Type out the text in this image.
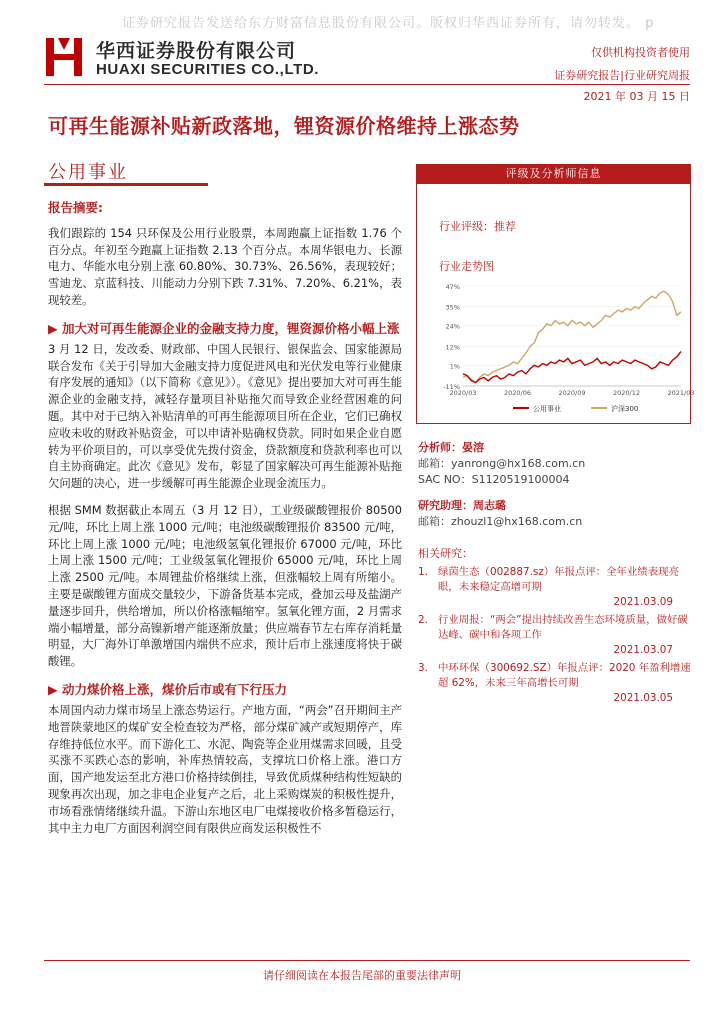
证券研究报告发送给东方财富信息股份有限公司。版权归华西证券所有，请勿转发。 p
华西证券股份有限公司
HUAXI SECURITIES CO.,LTD.
仅供机构投资者使用
证券研究报告|行业研究周报
2021 年 03 月 15 日
可再生能源补贴新政落地，锂资源价格维持上涨态势
公用事业
报告摘要:

我们跟踪的 154 只环保及公用行业股票，本周跑赢上证指数 1.76 个百分点。年初至今跑赢上证指数 2.13 个百分点。本周华银电力、长源电力、华能水电分别上涨 60.80%、30.73%、26.56%，表现较好；雪迪龙、京蓝科技、川能动力分别下跌 7.31%、7.20%、6.21%，表现较差。

▶ 加大对可再生能源企业的金融支持力度，锂资源价格小幅上涨

3 月 12 日，发改委、财政部、中国人民银行、银保监会、国家能源局联合发布《关于引导加大金融支持力度促进风电和光伏发电等行业健康有序发展的通知》（以下简称《意见》）。《意见》提出要加大对可再生能源企业的金融支持，减轻存量项目补贴拖欠而导致企业经营困难的问题。其中对于已纳入补贴清单的可再生能源项目所在企业，它们已确权应收未收的财政补贴资金，可以申请补贴确权贷款。同时如果企业自愿转为平价项目的，可以享受优先拨付资金，贷款额度和贷款利率也可以自主协商确定。此次《意见》发布，彰显了国家解决可再生能源补贴拖欠问题的决心，进一步缓解可再生能源企业现金流压力。

根据 SMM 数据截止本周五（3 月 12 日），工业级碳酸锂报价 80500 元/吨，环比上周上涨 1000 元/吨；电池级碳酸锂报价 83500 元/吨，环比上周上涨 1000 元/吨；电池级氢氧化锂报价 67000 元/吨，环比上周上涨 1500 元/吨；工业级氢氧化锂报价 65000 元/吨，环比上周上涨 2500 元/吨。本周锂盐价格继续上涨，但涨幅较上周有所缩小。主要是碳酸锂方面成交量较少，下游备货基本完成，叠加云母及盐湖产量逐步回升，供给增加，所以价格涨幅缩窄。氢氧化锂方面，2 月需求端小幅增量，部分高镍新增产能逐渐放量；供应端春节左右库存消耗量明显，大厂海外订单激增国内端供不应求，预计后市上涨速度将快于碳酸锂。

▶ 动力煤价格上涨，煤价后市或有下行压力

本周国内动力煤市场呈上涨态势运行。产地方面，“两会”召开期间主产地晋陕蒙地区的煤矿安全检查较为严格，部分煤矿减产或短期停产，库存维持低位水平。而下游化工、水泥、陶瓷等企业用煤需求回暖，且受买涨不买跌心态的影响，补库热情较高，支撑坑口价格上涨。港口方面，国产地发运至北方港口价格持续倒挂，导致优质煤种结构性短缺的现象再次出现，加之非电企业复产之后，北上采购煤炭的积极性提升，市场看涨情绪继续升温。下游山东地区电厂电煤接收价格多暂稳运行，其中主力电厂方面因利润空间有限供应商发运积极性不

评级及分析师信息
行业评级：推荐
行业走势图
47%
35%
24%
12%
1%
-11%
2020/03	2020/06	2020/09	2020/12	2021/03
公用事业	沪深300
分析师：晏溶
邮箱：yanrong@hx168.com.cn
SAC NO：S1120519100004
研究助理：周志璐
邮箱：zhouzl1@hx168.com.cn
相关研究：
1. 绿茵生态（002887.sz）年报点评：全年业绩表现亮眼，未来稳定高增可期
2021.03.09
2. 行业周报：“两会”提出持续改善生态环境质量，做好碳达峰、碳中和各项工作
2021.03.07
3. 中环环保（300692.SZ）年报点评：2020 年盈利增速超 62%，未来三年高增长可期
2021.03.05
请仔细阅读在本报告尾部的重要法律声明
